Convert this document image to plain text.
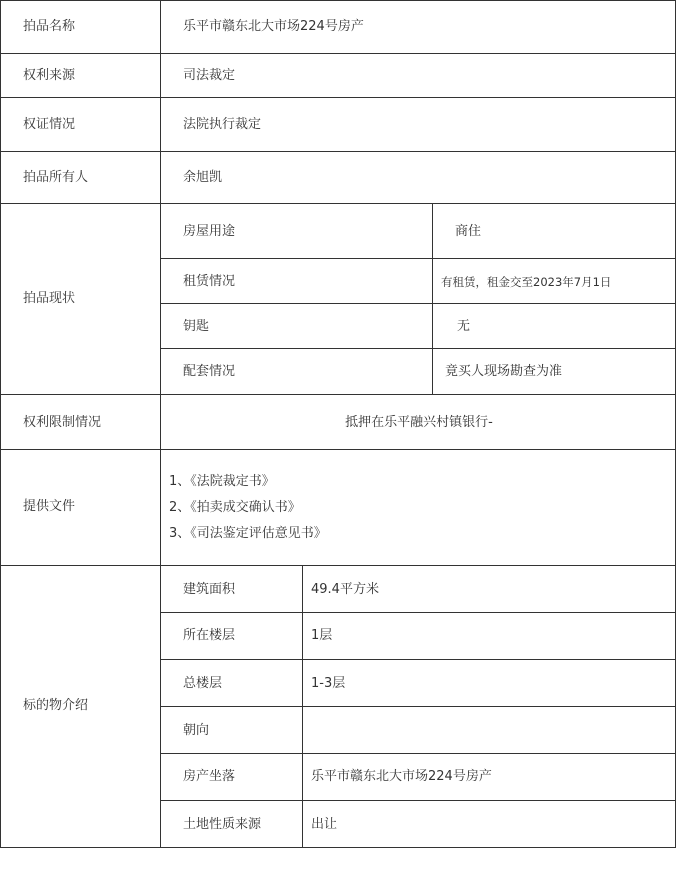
拍品名称	乐平市赣东北大市场224号房产
权利来源	司法裁定
权证情况	法院执行裁定
拍品所有人	余旭凯
拍品现状
房屋用途	商住
租赁情况	有租赁，租金交至2023年7月1日
钥匙	无
配套情况	竟买人现场勘查为准
权利限制情况	抵押在乐平融兴村镇银行-
提供文件
1、《法院裁定书》
2、《拍卖成交确认书》
3、《司法鉴定评估意见书》
标的物介绍
建筑面积	49.4平方米
所在楼层	1层
总楼层	1-3层
朝向
房产坐落	乐平市赣东北大市场224号房产
土地性质来源	出让
